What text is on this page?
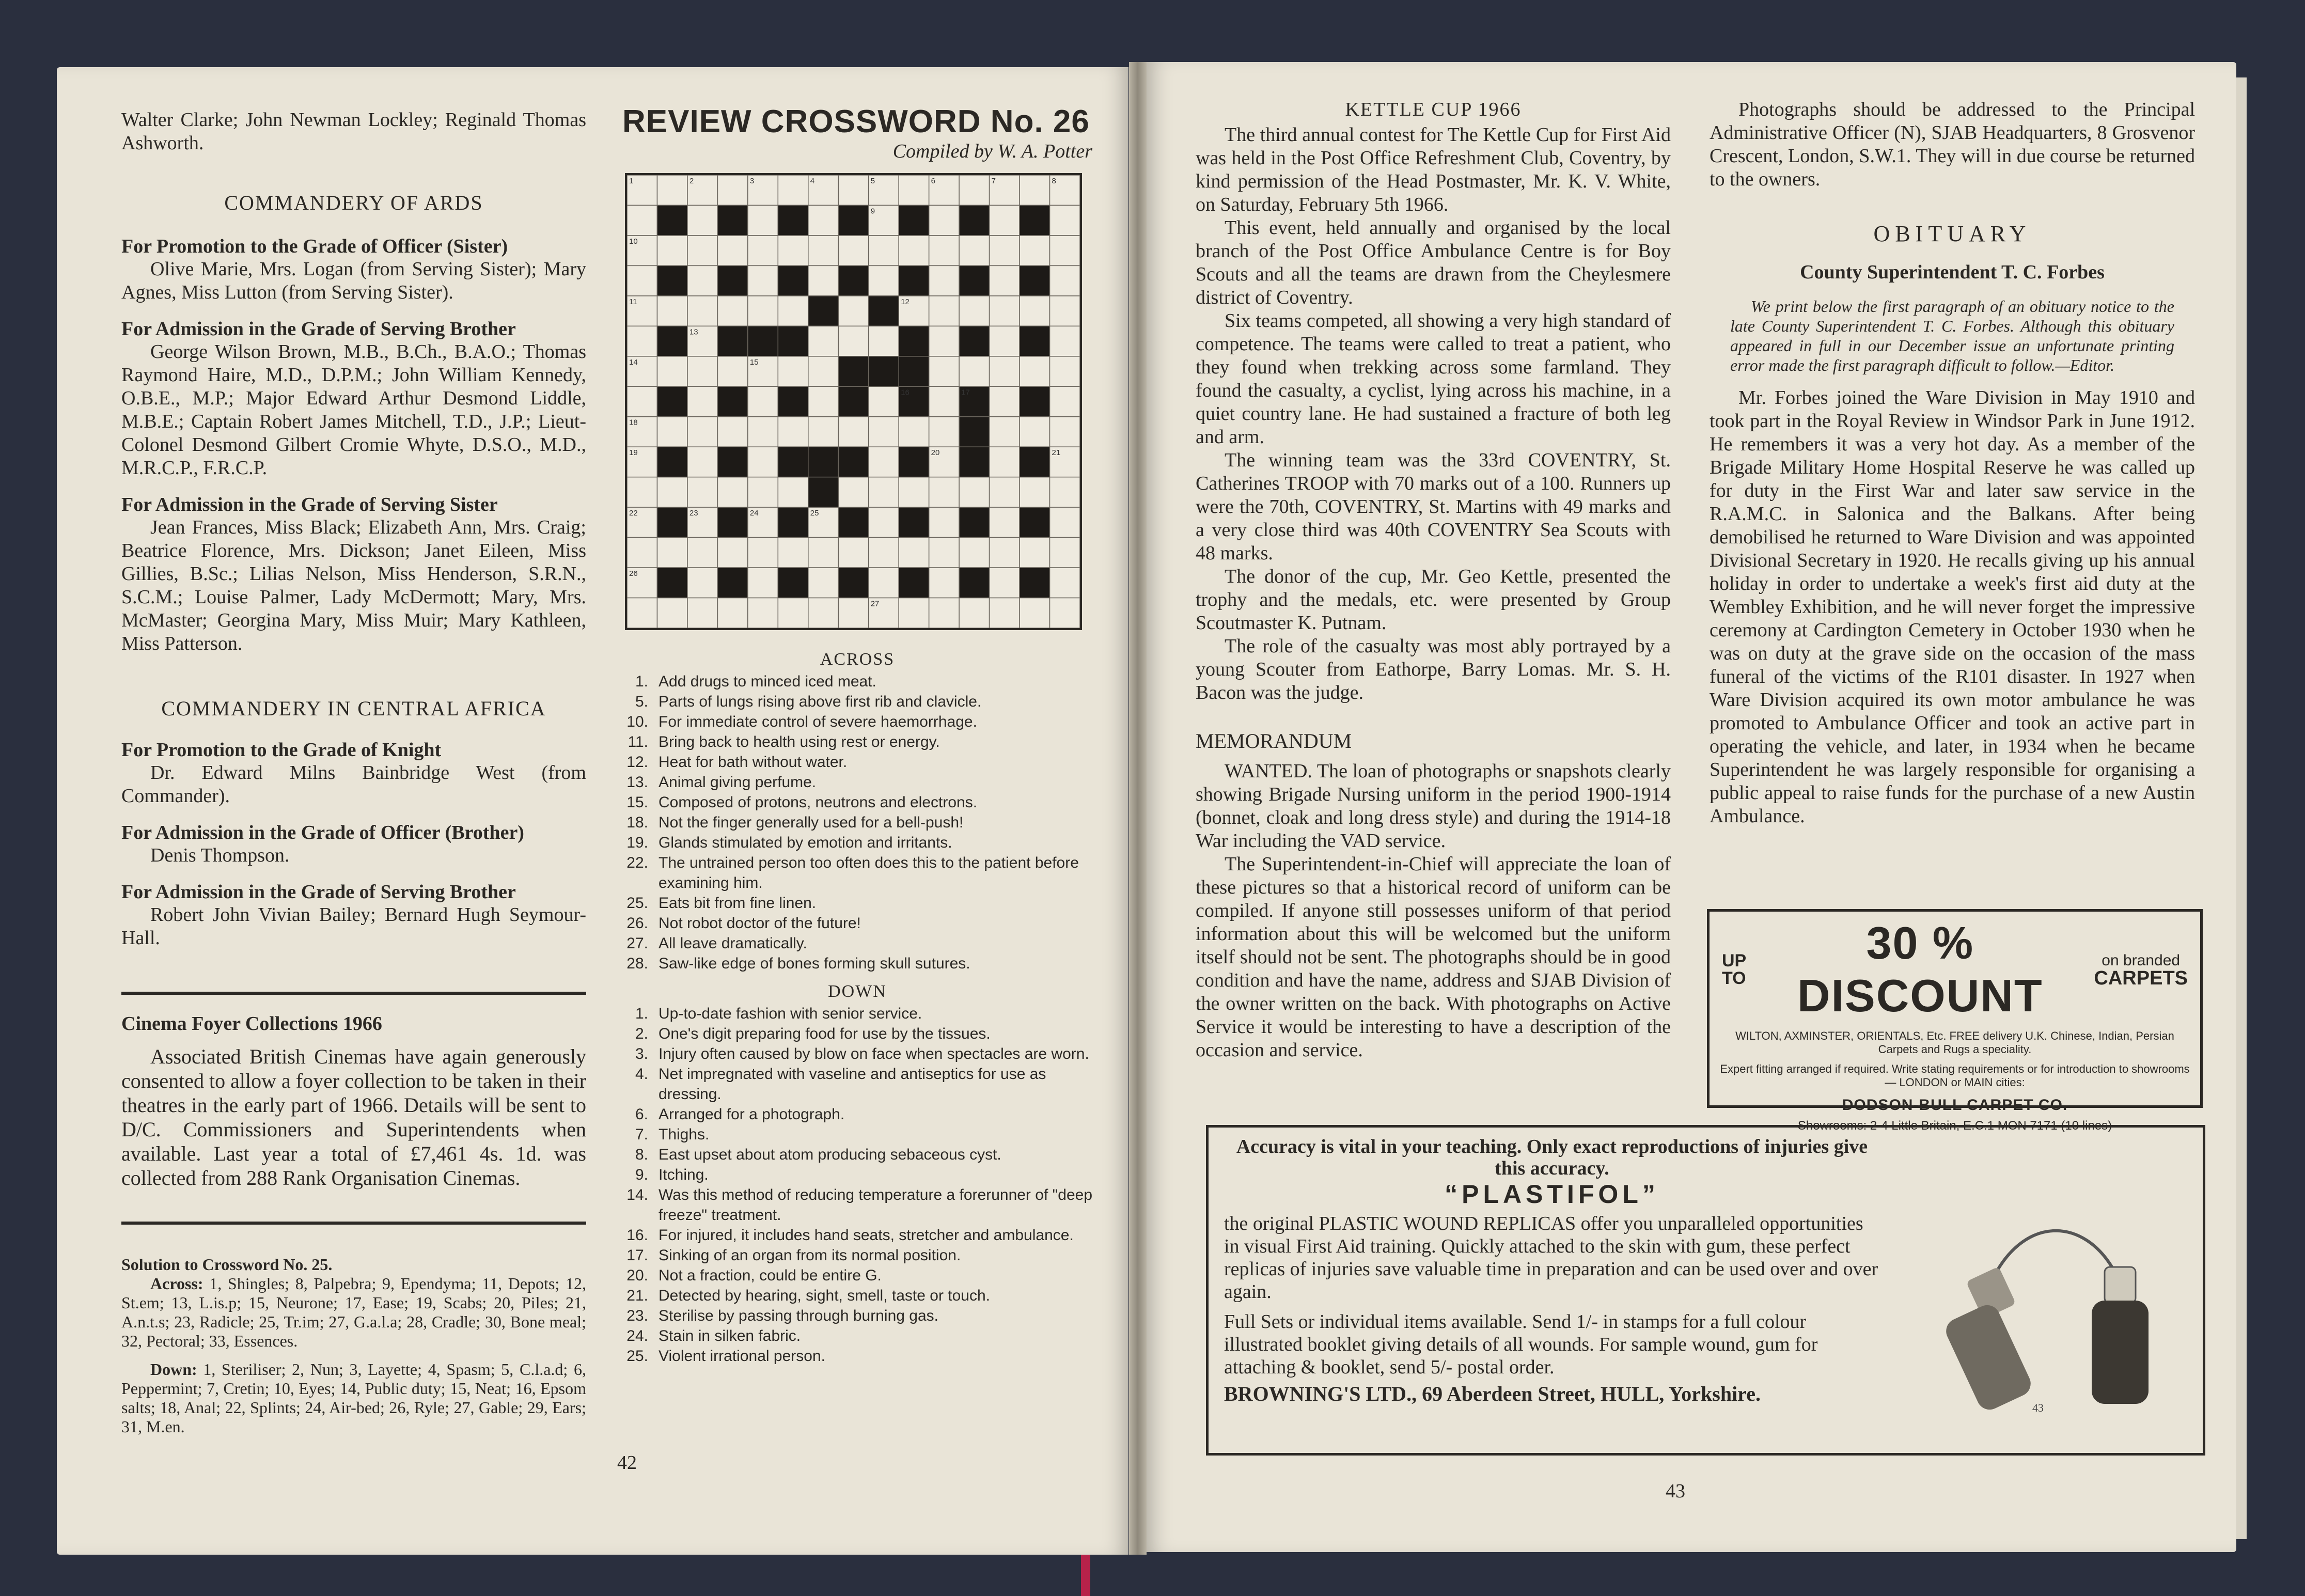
Walter Clarke; John Newman Lockley; Reginald Thomas Ashworth.
COMMANDERY OF ARDS
For Promotion to the Grade of Officer (Sister)

Olive Marie, Mrs. Logan (from Serving Sister); Mary Agnes, Miss Lutton (from Serving Sister).

For Admission in the Grade of Serving Brother

George Wilson Brown, M.B., B.Ch., B.A.O.; Thomas Raymond Haire, M.D., D.P.M.; John William Kennedy, O.B.E., M.P.; Major Edward Arthur Desmond Liddle, M.B.E.; Captain Robert James Mitchell, T.D., J.P.; Lieut-Colonel Desmond Gilbert Cromie Whyte, D.S.O., M.D., M.R.C.P., F.R.C.P.

For Admission in the Grade of Serving Sister

Jean Frances, Miss Black; Elizabeth Ann, Mrs. Craig; Beatrice Florence, Mrs. Dickson; Janet Eileen, Miss Gillies, B.Sc.; Lilias Nelson, Miss Henderson, S.R.N., S.C.M.; Louise Palmer, Lady McDermott; Mary, Mrs. McMaster; Georgina Mary, Miss Muir; Mary Kathleen, Miss Patterson.

COMMANDERY IN CENTRAL AFRICA
For Promotion to the Grade of Knight

Dr. Edward Milns Bainbridge West (from Commander).

For Admission in the Grade of Officer (Brother)

Denis Thompson.

For Admission in the Grade of Serving Brother

Robert John Vivian Bailey; Bernard Hugh Seymour-Hall.

Cinema Foyer Collections 1966

Associated British Cinemas have again generously consented to allow a foyer collection to be taken in their theatres in the early part of 1966. Details will be sent to D/C. Commissioners and Superintendents when available. Last year a total of £7,461 4s. 1d. was collected from 288 Rank Organisation Cinemas.

Solution to Crossword No. 25.

Across: 1, Shingles; 8, Palpebra; 9, Ependyma; 11, Depots; 12, St.em; 13, L.is.p; 15, Neurone; 17, Ease; 19, Scabs; 20, Piles; 21, A.n.t.s; 23, Radicle; 25, Tr.im; 27, G.a.l.a; 28, Cradle; 30, Bone meal; 32, Pectoral; 33, Essences.

Down: 1, Steriliser; 2, Nun; 3, Layette; 4, Spasm; 5, C.l.a.d; 6, Peppermint; 7, Cretin; 10, Eyes; 14, Public duty; 15, Neat; 16, Epsom salts; 18, Anal; 22, Splints; 24, Air-bed; 26, Ryle; 27, Gable; 29, Ears; 31, M.en.

REVIEW CROSSWORD No. 26
Compiled by W. A. Potter
1	2	3	4	5	6	7	8
9
10
11	12
13
14	15
16	17
18
19	20	21
22	23	24	25
26
27
ACROSS
1. Add drugs to minced iced meat.
5. Parts of lungs rising above first rib and clavicle.
10. For immediate control of severe haemorrhage.
11. Bring back to health using rest or energy.
12. Heat for bath without water.
13. Animal giving perfume.
15. Composed of protons, neutrons and electrons.
18. Not the finger generally used for a bell-push!
19. Glands stimulated by emotion and irritants.
22. The untrained person too often does this to the patient before examining him.
25. Eats bit from fine linen.
26. Not robot doctor of the future!
27. All leave dramatically.
28. Saw-like edge of bones forming skull sutures.
DOWN
1. Up-to-date fashion with senior service.
2. One's digit preparing food for use by the tissues.
3. Injury often caused by blow on face when spectacles are worn.
4. Net impregnated with vaseline and antiseptics for use as dressing.
6. Arranged for a photograph.
7. Thighs.
8. East upset about atom producing sebaceous cyst.
9. Itching.
14. Was this method of reducing temperature a forerunner of "deep freeze" treatment.
16. For injured, it includes hand seats, stretcher and ambulance.
17. Sinking of an organ from its normal position.
20. Not a fraction, could be entire G.
21. Detected by hearing, sight, smell, taste or touch.
23. Sterilise by passing through burning gas.
24. Stain in silken fabric.
25. Violent irrational person.
42
KETTLE CUP 1966

The third annual contest for The Kettle Cup for First Aid was held in the Post Office Refreshment Club, Coventry, by kind permission of the Head Postmaster, Mr. K. V. White, on Saturday, February 5th 1966.

This event, held annually and organised by the local branch of the Post Office Ambulance Centre is for Boy Scouts and all the teams are drawn from the Cheylesmere district of Coventry.

Six teams competed, all showing a very high standard of competence. The teams were called to treat a patient, who they found when trekking across some farmland. They found the casualty, a cyclist, lying across his machine, in a quiet country lane. He had sustained a fracture of both leg and arm.

The winning team was the 33rd COVENTRY, St. Catherines TROOP with 70 marks out of a 100. Runners up were the 70th, COVENTRY, St. Martins with 49 marks and a very close third was 40th COVENTRY Sea Scouts with 48 marks.

The donor of the cup, Mr. Geo Kettle, presented the trophy and the medals, etc. were presented by Group Scoutmaster K. Putnam.

The role of the casualty was most ably portrayed by a young Scouter from Eathorpe, Barry Lomas. Mr. S. H. Bacon was the judge.

MEMORANDUM

WANTED. The loan of photographs or snapshots clearly showing Brigade Nursing uniform in the period 1900-1914 (bonnet, cloak and long dress style) and during the 1914-18 War including the VAD service.

The Superintendent-in-Chief will appreciate the loan of these pictures so that a historical record of uniform can be compiled. If anyone still possesses uniform of that period information about this will be welcomed but the uniform itself should not be sent. The photographs should be in good condition and have the name, address and SJAB Division of the owner written on the back. With photographs on Active Service it would be interesting to have a description of the occasion and service.

Photographs should be addressed to the Principal Administrative Officer (N), SJAB Headquarters, 8 Grosvenor Crescent, London, S.W.1. They will in due course be returned to the owners.

OBITUARY
County Superintendent T. C. Forbes

We print below the first paragraph of an obituary notice to the late County Superintendent T. C. Forbes. Although this obituary appeared in full in our December issue an unfortunate printing error made the first paragraph difficult to follow.—Editor.

Mr. Forbes joined the Ware Division in May 1910 and took part in the Royal Review in Windsor Park in June 1912. He remembers it was a very hot day. As a member of the Brigade Military Home Hospital Reserve he was called up for duty in the First War and later saw service in the R.A.M.C. in Salonica and the Balkans. After being demobilised he returned to Ware Division and was appointed Divisional Secretary in 1920. He recalls giving up his annual holiday in order to undertake a week's first aid duty at the Wembley Exhibition, and he will never forget the impressive ceremony at Cardington Cemetery in October 1930 when he was on duty at the grave side on the occasion of the mass funeral of the victims of the R101 disaster. In 1927 when Ware Division acquired its own motor ambulance he was promoted to Ambulance Officer and took an active part in operating the vehicle, and later, in 1934 when he became Superintendent he was largely responsible for organising a public appeal to raise funds for the purchase of a new Austin Ambulance.

UP
TO
30 % DISCOUNT
on branded
CARPETS
WILTON, AXMINSTER, ORIENTALS, Etc. FREE delivery U.K. Chinese, Indian, Persian Carpets and Rugs a speciality.
Expert fitting arranged if required. Write stating requirements or for introduction to showrooms — LONDON or MAIN cities:
DODSON-BULL CARPET CO.
Showrooms: 2-4 Little Britain, E.C.1 MON 7171 (10 lines)
Accuracy is vital in your teaching. Only exact reproductions of injuries give this accuracy.
“PLASTIFOL”
the original PLASTIC WOUND REPLICAS offer you unparalleled opportunities in visual First Aid training. Quickly attached to the skin with gum, these perfect replicas of injuries save valuable time in preparation and can be used over and over again.
Full Sets or individual items available. Send 1/- in stamps for a full colour illustrated booklet giving details of all wounds. For sample wound, gum for attaching & booklet, send 5/- postal order.
BROWNING'S LTD., 69 Aberdeen Street, HULL, Yorkshire.
43
43
